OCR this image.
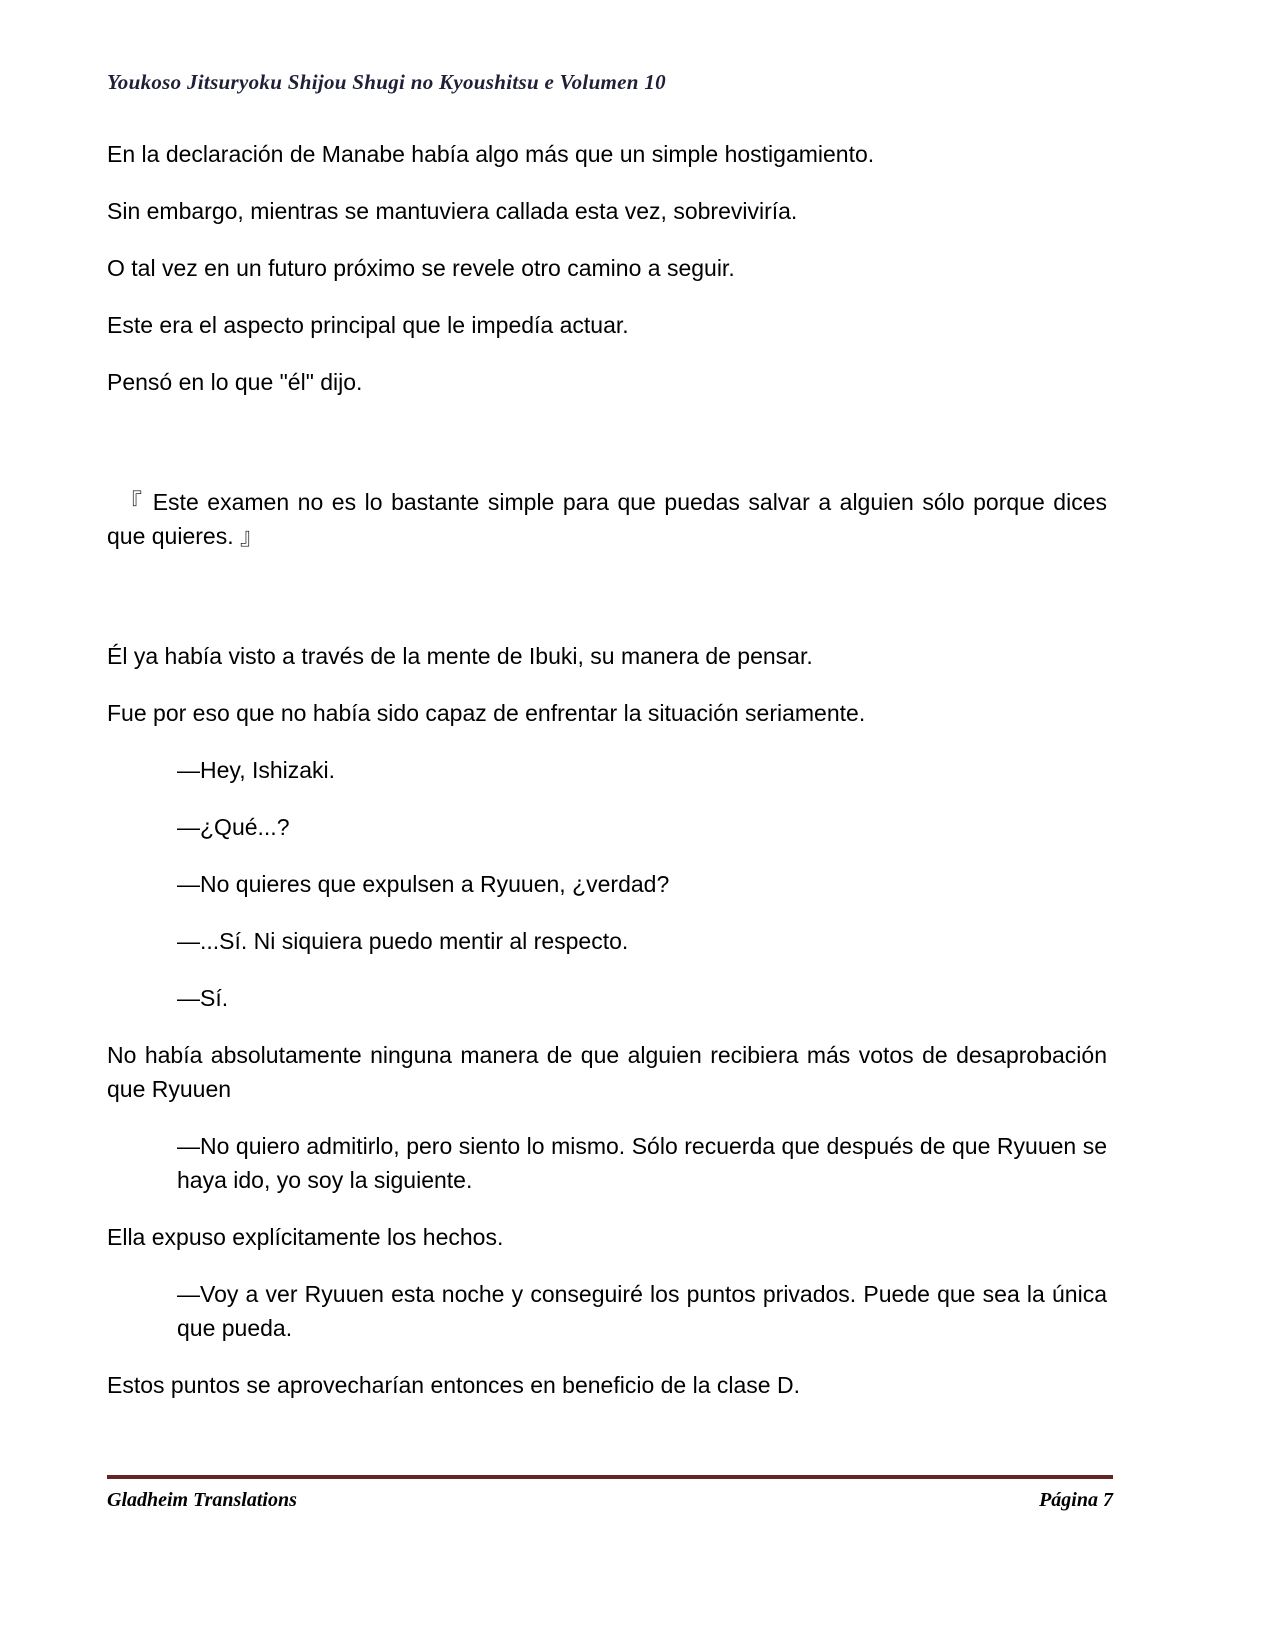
Youkoso Jitsuryoku Shijou Shugi no Kyoushitsu e Volumen 10
En la declaración de Manabe había algo más que un simple hostigamiento.
Sin embargo, mientras se mantuviera callada esta vez, sobreviviría.
O tal vez en un futuro próximo se revele otro camino a seguir.
Este era el aspecto principal que le impedía actuar.
Pensó en lo que "él" dijo.
『 Este examen no es lo bastante simple para que puedas salvar a alguien sólo porque dices que quieres. 』
Él ya había visto a través de la mente de Ibuki, su manera de pensar.
Fue por eso que no había sido capaz de enfrentar la situación seriamente.
—Hey, Ishizaki.
—¿Qué...?
—No quieres que expulsen a Ryuuen, ¿verdad?
—...Sí. Ni siquiera puedo mentir al respecto.
—Sí.
No había absolutamente ninguna manera de que alguien recibiera más votos de desaprobación que Ryuuen
—No quiero admitirlo, pero siento lo mismo. Sólo recuerda que después de que Ryuuen se haya ido, yo soy la siguiente.
Ella expuso explícitamente los hechos.
—Voy a ver Ryuuen esta noche y conseguiré los puntos privados. Puede que sea la única que pueda.
Estos puntos se aprovecharían entonces en beneficio de la clase D.
Gladheim Translations	Página 7
